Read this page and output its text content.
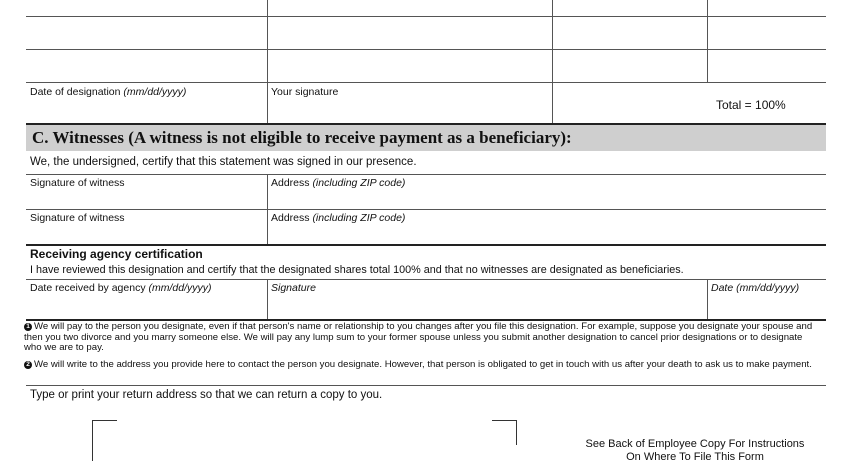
Date of designation (mm/dd/yyyy)	Your signature
Total = 100%
C. Witnesses (A witness is not eligible to receive payment as a beneficiary):
We, the undersigned, certify that this statement was signed in our presence.
Signature of witness	Address (including ZIP code)
Signature of witness	Address (including ZIP code)
Receiving agency certification
I have reviewed this designation and certify that the designated shares total 100% and that no witnesses are designated as beneficiaries.
Date received by agency (mm/dd/yyyy)	Signature	Date (mm/dd/yyyy)
1 We will pay to the person you designate, even if that person's name or relationship to you changes after you file this designation. For example, suppose you designate your spouse and then you two divorce and you marry someone else. We will pay any lump sum to your former spouse unless you submit another designation to cancel prior designations or to designate who we are to pay.
2 We will write to the address you provide here to contact the person you designate. However, that person is obligated to get in touch with us after your death to ask us to make payment.
Type or print your return address so that we can return a copy to you.
See Back of Employee Copy For Instructions
On Where To File This Form
